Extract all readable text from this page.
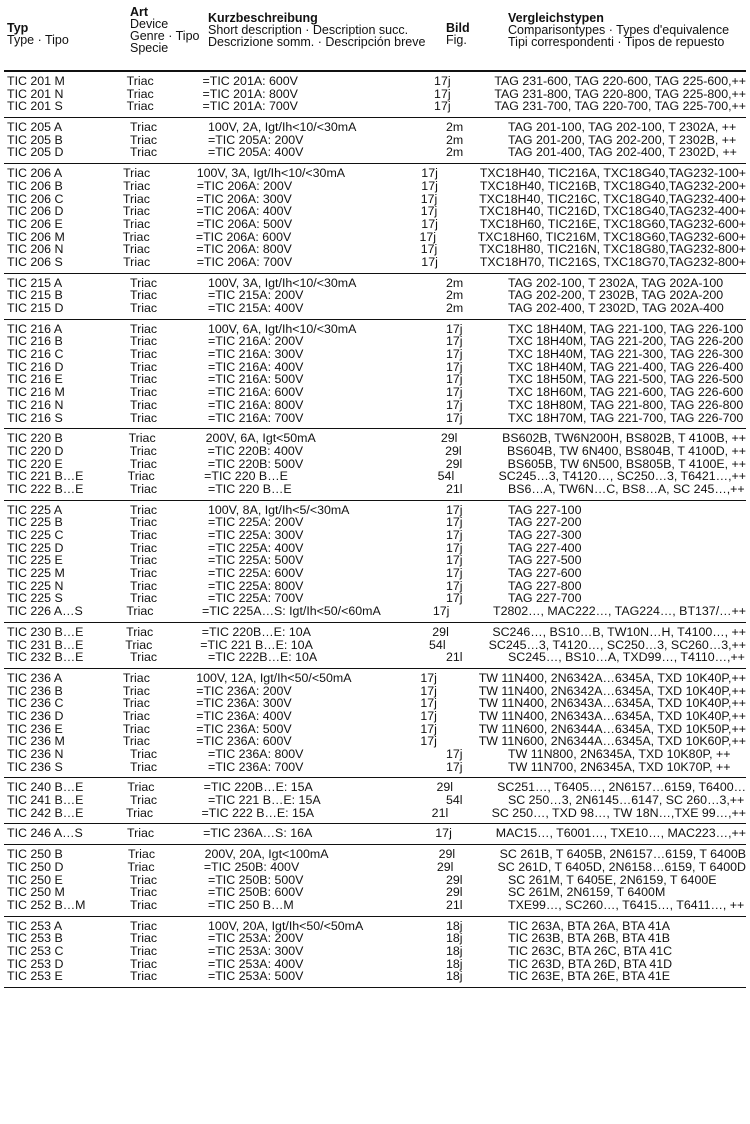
Typ
Type · Tipo
Art
Device
Genre · Tipo
Specie
Kurzbeschreibung
Short description · Description succ.
Descrizione somm. · Descripción breve
Bild
Fig.
Vergleichstypen
Comparisontypes · Types d'equivalence
Tipi correspondenti · Tipos de repuesto
TIC 201 M	Triac	=TIC 201A: 600V	17j	TAG 231-600, TAG 220-600, TAG 225-600,++
TIC 201 N	Triac	=TIC 201A: 800V	17j	TAG 231-800, TAG 220-800, TAG 225-800,++
TIC 201 S	Triac	=TIC 201A: 700V	17j	TAG 231-700, TAG 220-700, TAG 225-700,++
TIC 205 A	Triac	100V, 2A, Igt/Ih<10/<30mA	2m	TAG 201-100, TAG 202-100, T 2302A, ++
TIC 205 B	Triac	=TIC 205A: 200V	2m	TAG 201-200, TAG 202-200, T 2302B, ++
TIC 205 D	Triac	=TIC 205A: 400V	2m	TAG 201-400, TAG 202-400, T 2302D, ++
TIC 206 A	Triac	100V, 3A, Igt/Ih<10/<30mA	17j	TXC18H40, TIC216A, TXC18G40,TAG232-100+
TIC 206 B	Triac	=TIC 206A: 200V	17j	TXC18H40, TIC216B, TXC18G40,TAG232-200+
TIC 206 C	Triac	=TIC 206A: 300V	17j	TXC18H40, TIC216C, TXC18G40,TAG232-400+
TIC 206 D	Triac	=TIC 206A: 400V	17j	TXC18H40, TIC216D, TXC18G40,TAG232-400+
TIC 206 E	Triac	=TIC 206A: 500V	17j	TXC18H60, TIC216E, TXC18G60,TAG232-600+
TIC 206 M	Triac	=TIC 206A: 600V	17j	TXC18H60, TIC216M, TXC18G60,TAG232-600+
TIC 206 N	Triac	=TIC 206A: 800V	17j	TXC18H80, TIC216N, TXC18G80,TAG232-800+
TIC 206 S	Triac	=TIC 206A: 700V	17j	TXC18H70, TIC216S, TXC18G70,TAG232-800+
TIC 215 A	Triac	100V, 3A, Igt/Ih<10/<30mA	2m	TAG 202-100, T 2302A, TAG 202A-100
TIC 215 B	Triac	=TIC 215A: 200V	2m	TAG 202-200, T 2302B, TAG 202A-200
TIC 215 D	Triac	=TIC 215A: 400V	2m	TAG 202-400, T 2302D, TAG 202A-400
TIC 216 A	Triac	100V, 6A, Igt/Ih<10/<30mA	17j	TXC 18H40M, TAG 221-100, TAG 226-100
TIC 216 B	Triac	=TIC 216A: 200V	17j	TXC 18H40M, TAG 221-200, TAG 226-200
TIC 216 C	Triac	=TIC 216A: 300V	17j	TXC 18H40M, TAG 221-300, TAG 226-300
TIC 216 D	Triac	=TIC 216A: 400V	17j	TXC 18H40M, TAG 221-400, TAG 226-400
TIC 216 E	Triac	=TIC 216A: 500V	17j	TXC 18H50M, TAG 221-500, TAG 226-500
TIC 216 M	Triac	=TIC 216A: 600V	17j	TXC 18H60M, TAG 221-600, TAG 226-600
TIC 216 N	Triac	=TIC 216A: 800V	17j	TXC 18H80M, TAG 221-800, TAG 226-800
TIC 216 S	Triac	=TIC 216A: 700V	17j	TXC 18H70M, TAG 221-700, TAG 226-700
TIC 220 B	Triac	200V, 6A, Igt<50mA	29l	BS602B, TW6N200H, BS802B, T 4100B, ++
TIC 220 D	Triac	=TIC 220B: 400V	29l	BS604B, TW 6N400, BS804B, T 4100D, ++
TIC 220 E	Triac	=TIC 220B: 500V	29l	BS605B, TW 6N500, BS805B, T 4100E, ++
TIC 221 B…E	Triac	=TIC 220 B…E	54l	SC245…3, T4120…, SC250…3, T6421…,++
TIC 222 B…E	Triac	=TIC 220 B…E	21l	BS6…A, TW6N…C, BS8…A, SC 245…,++
TIC 225 A	Triac	100V, 8A, Igt/Ih<5/<30mA	17j	TAG 227-100
TIC 225 B	Triac	=TIC 225A: 200V	17j	TAG 227-200
TIC 225 C	Triac	=TIC 225A: 300V	17j	TAG 227-300
TIC 225 D	Triac	=TIC 225A: 400V	17j	TAG 227-400
TIC 225 E	Triac	=TIC 225A: 500V	17j	TAG 227-500
TIC 225 M	Triac	=TIC 225A: 600V	17j	TAG 227-600
TIC 225 N	Triac	=TIC 225A: 800V	17j	TAG 227-800
TIC 225 S	Triac	=TIC 225A: 700V	17j	TAG 227-700
TIC 226 A…S	Triac	=TIC 225A…S: Igt/Ih<50/<60mA	17j	T2802…, MAC222…, TAG224…, BT137/…++
TIC 230 B…E	Triac	=TIC 220B…E: 10A	29l	SC246…, BS10…B, TW10N…H, T4100…, ++
TIC 231 B…E	Triac	=TIC 221 B…E: 10A	54l	SC245…3, T4120…, SC250…3, SC260…3,++
TIC 232 B…E	Triac	=TIC 222B…E: 10A	21l	SC245…, BS10…A, TXD99…, T4110…,++
TIC 236 A	Triac	100V, 12A, Igt/Ih<50/<50mA	17j	TW 11N400, 2N6342A…6345A, TXD 10K40P,++
TIC 236 B	Triac	=TIC 236A: 200V	17j	TW 11N400, 2N6342A…6345A, TXD 10K40P,++
TIC 236 C	Triac	=TIC 236A: 300V	17j	TW 11N400, 2N6343A…6345A, TXD 10K40P,++
TIC 236 D	Triac	=TIC 236A: 400V	17j	TW 11N400, 2N6343A…6345A, TXD 10K40P,++
TIC 236 E	Triac	=TIC 236A: 500V	17j	TW 11N600, 2N6344A…6345A, TXD 10K50P,++
TIC 236 M	Triac	=TIC 236A: 600V	17j	TW 11N600, 2N6344A…6345A, TXD 10K60P,++
TIC 236 N	Triac	=TIC 236A: 800V	17j	TW 11N800, 2N6345A, TXD 10K80P, ++
TIC 236 S	Triac	=TIC 236A: 700V	17j	TW 11N700, 2N6345A, TXD 10K70P, ++
TIC 240 B…E	Triac	=TIC 220B…E: 15A	29l	SC251…, T6405…, 2N6157…6159, T6400…
TIC 241 B…E	Triac	=TIC 221 B…E: 15A	54l	SC 250…3, 2N6145…6147, SC 260…3,++
TIC 242 B…E	Triac	=TIC 222 B…E: 15A	21l	SC 250…, TXD 98…, TW 18N…,TXE 99…,++
TIC 246 A…S	Triac	=TIC 236A…S: 16A	17j	MAC15…, T6001…, TXE10…, MAC223…,++
TIC 250 B	Triac	200V, 20A, Igt<100mA	29l	SC 261B, T 6405B, 2N6157…6159, T 6400B
TIC 250 D	Triac	=TIC 250B: 400V	29l	SC 261D, T 6405D, 2N6158…6159, T 6400D
TIC 250 E	Triac	=TIC 250B: 500V	29l	SC 261M, T 6405E, 2N6159, T 6400E
TIC 250 M	Triac	=TIC 250B: 600V	29l	SC 261M, 2N6159, T 6400M
TIC 252 B…M	Triac	=TIC 250 B…M	21l	TXE99…, SC260…, T6415…, T6411…, ++
TIC 253 A	Triac	100V, 20A, Igt/Ih<50/<50mA	18j	TIC 263A, BTA 26A, BTA 41A
TIC 253 B	Triac	=TIC 253A: 200V	18j	TIC 263B, BTA 26B, BTA 41B
TIC 253 C	Triac	=TIC 253A: 300V	18j	TIC 263C, BTA 26C, BTA 41C
TIC 253 D	Triac	=TIC 253A: 400V	18j	TIC 263D, BTA 26D, BTA 41D
TIC 253 E	Triac	=TIC 253A: 500V	18j	TIC 263E, BTA 26E, BTA 41E
